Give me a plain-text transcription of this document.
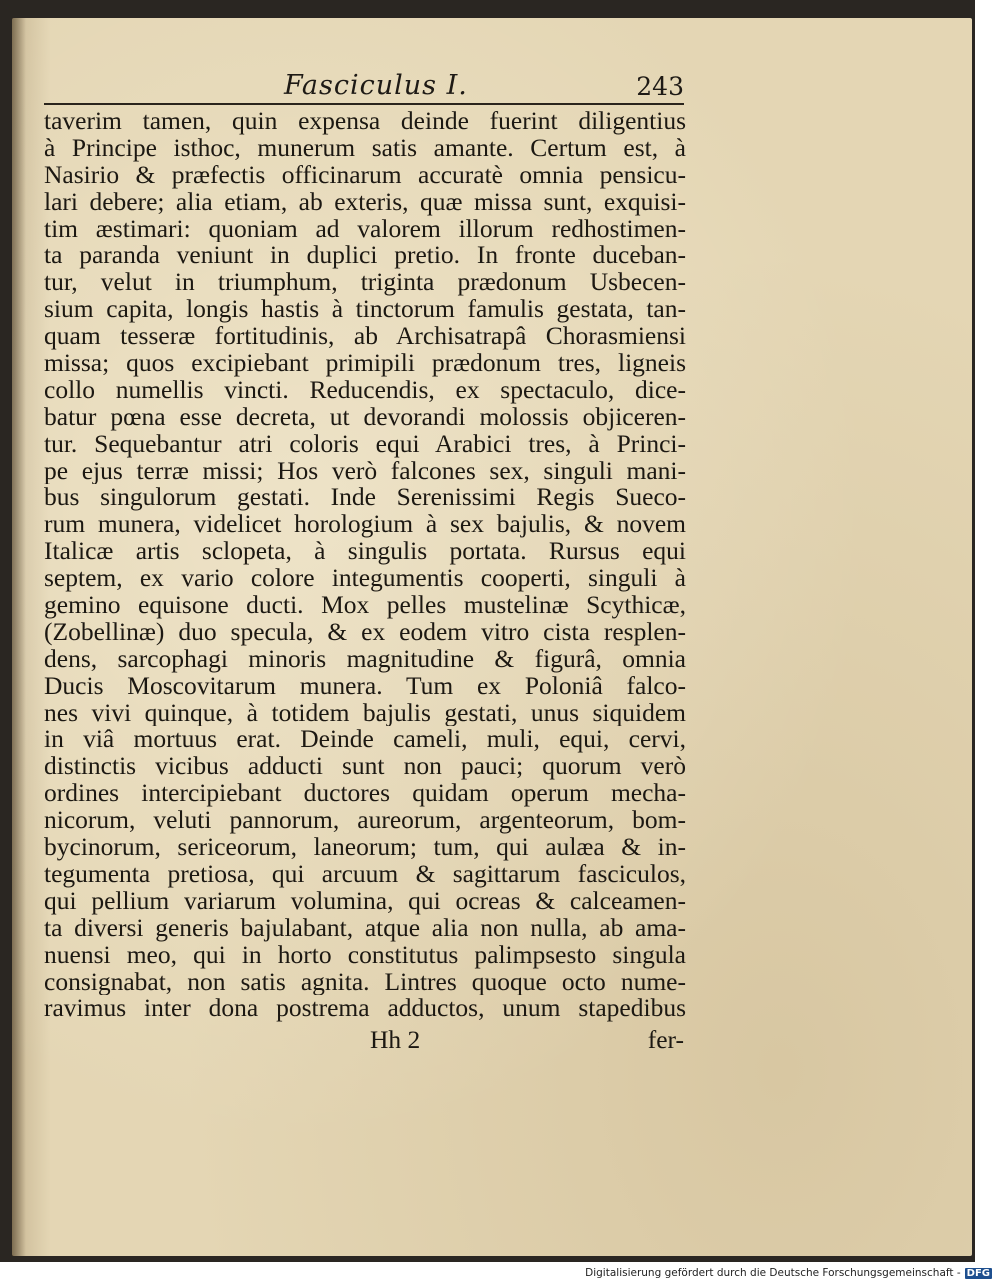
Fasciculus I.	243
taverim tamen, quin expensa deinde fuerint diligentius
à Principe isthoc, munerum satis amante. Certum est, à
Nasirio & præfectis officinarum accuratè omnia pensicu-
lari debere; alia etiam, ab exteris, quæ missa sunt, exquisi-
tim æstimari: quoniam ad valorem illorum redhostimen-
ta paranda veniunt in duplici pretio. In fronte duceban-
tur, velut in triumphum, triginta prædonum Usbecen-
sium capita, longis hastis à tinctorum famulis gestata, tan-
quam tesseræ fortitudinis, ab Archisatrapâ Chorasmiensi
missa; quos excipiebant primipili prædonum tres, ligneis
collo numellis vincti. Reducendis, ex spectaculo, dice-
batur pœna esse decreta, ut devorandi molossis objiceren-
tur. Sequebantur atri coloris equi Arabici tres, à Princi-
pe ejus terræ missi; Hos verò falcones sex, singuli mani-
bus singulorum gestati. Inde Serenissimi Regis Sueco-
rum munera, videlicet horologium à sex bajulis, & novem
Italicæ artis sclopeta, à singulis portata. Rursus equi
septem, ex vario colore integumentis cooperti, singuli à
gemino equisone ducti. Mox pelles mustelinæ Scythicæ,
(Zobellinæ) duo specula, & ex eodem vitro cista resplen-
dens, sarcophagi minoris magnitudine & figurâ, omnia
Ducis Moscovitarum munera. Tum ex Poloniâ falco-
nes vivi quinque, à totidem bajulis gestati, unus siquidem
in viâ mortuus erat. Deinde cameli, muli, equi, cervi,
distinctis vicibus adducti sunt non pauci; quorum verò
ordines intercipiebant ductores quidam operum mecha-
nicorum, veluti pannorum, aureorum, argenteorum, bom-
bycinorum, sericeorum, laneorum; tum, qui aulæa & in-
tegumenta pretiosa, qui arcuum & sagittarum fasciculos,
qui pellium variarum volumina, qui ocreas & calceamen-
ta diversi generis bajulabant, atque alia non nulla, ab ama-
nuensi meo, qui in horto constitutus palimpsesto singula
consignabat, non satis agnita. Lintres quoque octo nume-
ravimus inter dona postrema adductos, unum stapedibus
Hh 2	fer-
Digitalisierung gefördert durch die Deutsche Forschungsgemeinschaft - DFG
